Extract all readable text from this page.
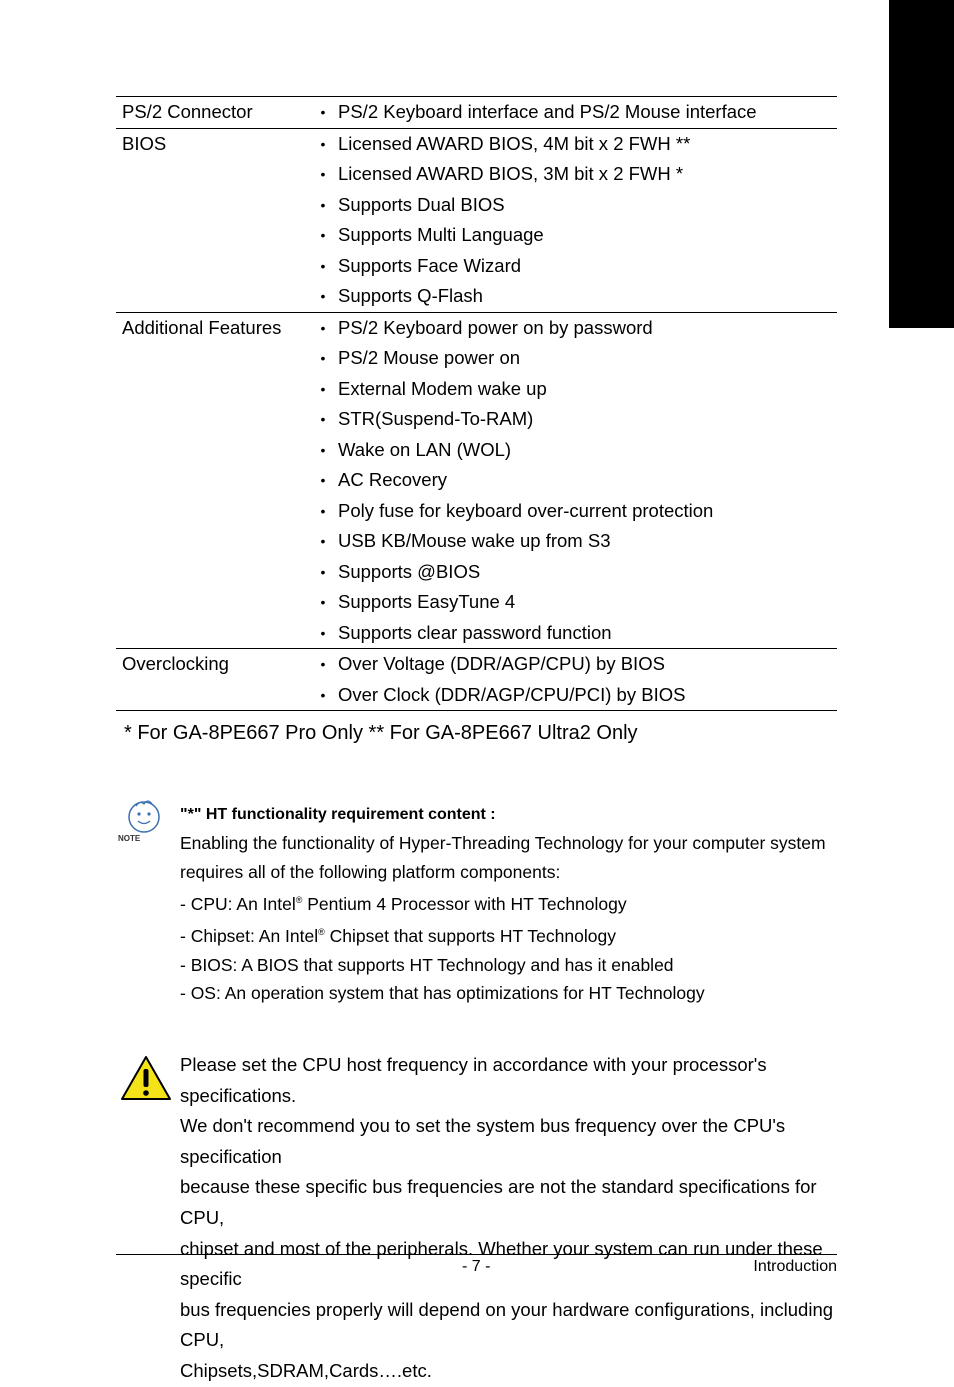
English
PS/2 Connector	•	PS/2 Keyboard interface and PS/2 Mouse interface
BIOS	•	Licensed AWARD BIOS, 4M bit x 2 FWH **
	•	Licensed AWARD BIOS, 3M bit x 2 FWH *
	•	Supports Dual BIOS
	•	Supports Multi Language
	•	Supports Face Wizard
	•	Supports Q-Flash
Additional Features	•	PS/2 Keyboard power on by password
	•	PS/2 Mouse power on
	•	External Modem wake up
	•	STR(Suspend-To-RAM)
	•	Wake on LAN (WOL)
	•	AC Recovery
	•	Poly fuse for keyboard over-current protection
	•	USB KB/Mouse wake up from S3
	•	Supports @BIOS
	•	Supports EasyTune 4
	•	Supports clear password function
Overclocking	•	Over Voltage (DDR/AGP/CPU) by BIOS
	•	Over Clock (DDR/AGP/CPU/PCI) by BIOS
* For GA-8PE667 Pro Only ** For GA-8PE667 Ultra2 Only
NOTE
"*" HT functionality requirement content :
Enabling the functionality of Hyper-Threading Technology for your computer system requires all of the following platform components:
- CPU: An Intel® Pentium 4 Processor with HT Technology
- Chipset: An Intel® Chipset that supports HT Technology
- BIOS: A BIOS that supports HT Technology and has it enabled
- OS: An operation system that has optimizations for HT Technology
Please set the CPU host frequency in accordance with your processor's specifications.
We don't recommend you to set the system bus frequency over the CPU's specification
because these specific bus frequencies are not the standard specifications for CPU,
chipset and most of the peripherals. Whether your system can run under these specific
bus frequencies properly will depend on your hardware configurations, including CPU,
Chipsets,SDRAM,Cards….etc.
- 7 -	Introduction
